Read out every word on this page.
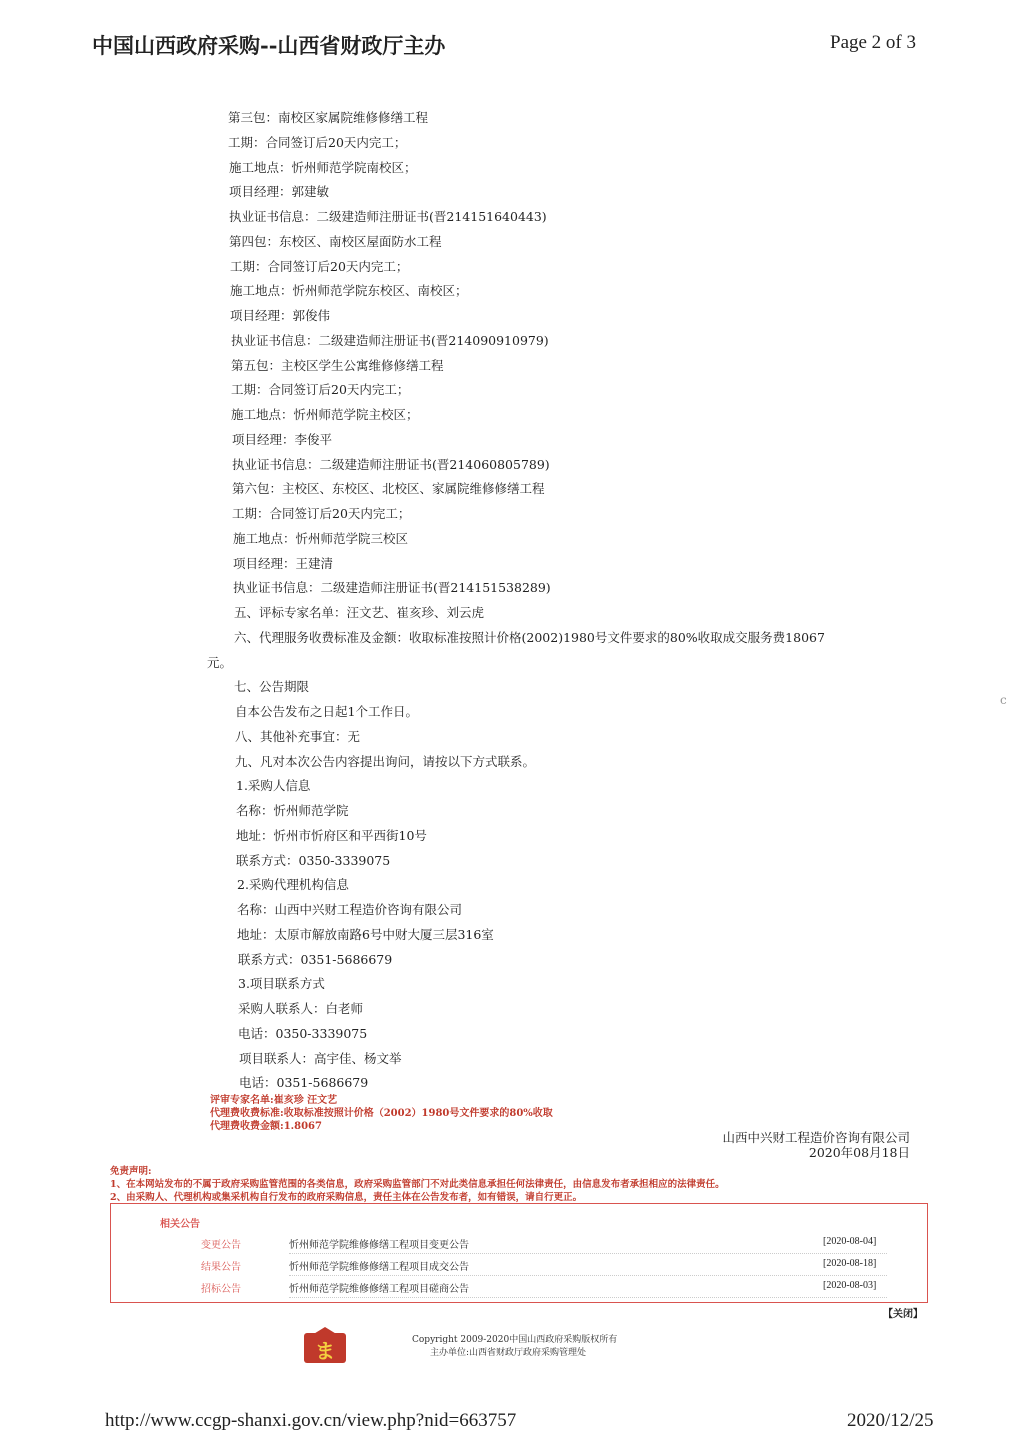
中国山西政府采购--山西省财政厅主办	Page 2 of 3
第三包：南校区家属院维修修缮工程
工期：合同签订后20天内完工；
施工地点：忻州师范学院南校区；
项目经理：郭建敏
执业证书信息：二级建造师注册证书(晋214151640443)
第四包：东校区、南校区屋面防水工程
工期：合同签订后20天内完工；
施工地点：忻州师范学院东校区、南校区；
项目经理：郭俊伟
执业证书信息：二级建造师注册证书(晋214090910979)
第五包：主校区学生公寓维修修缮工程
工期：合同签订后20天内完工；
施工地点：忻州师范学院主校区；
项目经理：李俊平
执业证书信息：二级建造师注册证书(晋214060805789)
第六包：主校区、东校区、北校区、家属院维修修缮工程
工期：合同签订后20天内完工；
施工地点：忻州师范学院三校区
项目经理：王建清
执业证书信息：二级建造师注册证书(晋214151538289)
五、评标专家名单：汪文艺、崔亥珍、刘云虎
六、代理服务收费标准及金额：收取标准按照计价格(2002)1980号文件要求的80%收取成交服务费18067
元。
七、公告期限
自本公告发布之日起1个工作日。
八、其他补充事宜：无
九、凡对本次公告内容提出询问，请按以下方式联系。
1.采购人信息
名称：忻州师范学院
地址：忻州市忻府区和平西街10号
联系方式：0350-3339075
2.采购代理机构信息
名称：山西中兴财工程造价咨询有限公司
地址：太原市解放南路6号中财大厦三层316室
联系方式：0351-5686679
3.项目联系方式
采购人联系人：白老师
电话：0350-3339075
项目联系人：高宇佳、杨文举
电话：0351-5686679
评审专家名单:崔亥珍 汪文艺
代理费收费标准:收取标准按照计价格（2002）1980号文件要求的80%收取
代理费收费金额:1.8067
山西中兴财工程造价咨询有限公司
2020年08月18日
免责声明:
1、在本网站发布的不属于政府采购监管范围的各类信息，政府采购监管部门不对此类信息承担任何法律责任，由信息发布者承担相应的法律责任。
2、由采购人、代理机构或集采机构自行发布的政府采购信息，责任主体在公告发布者，如有错误，请自行更正。
相关公告
变更公告	忻州师范学院维修修缮工程项目变更公告	[2020-08-04]
结果公告	忻州师范学院维修修缮工程项目成交公告	[2020-08-18]
招标公告	忻州师范学院维修修缮工程项目磋商公告	[2020-08-03]
【关闭】
ま	Copyright 2009-2020中国山西政府采购版权所有
主办单位:山西省财政厅政府采购管理处
http://www.ccgp-shanxi.gov.cn/view.php?nid=663757	2020/12/25
c
